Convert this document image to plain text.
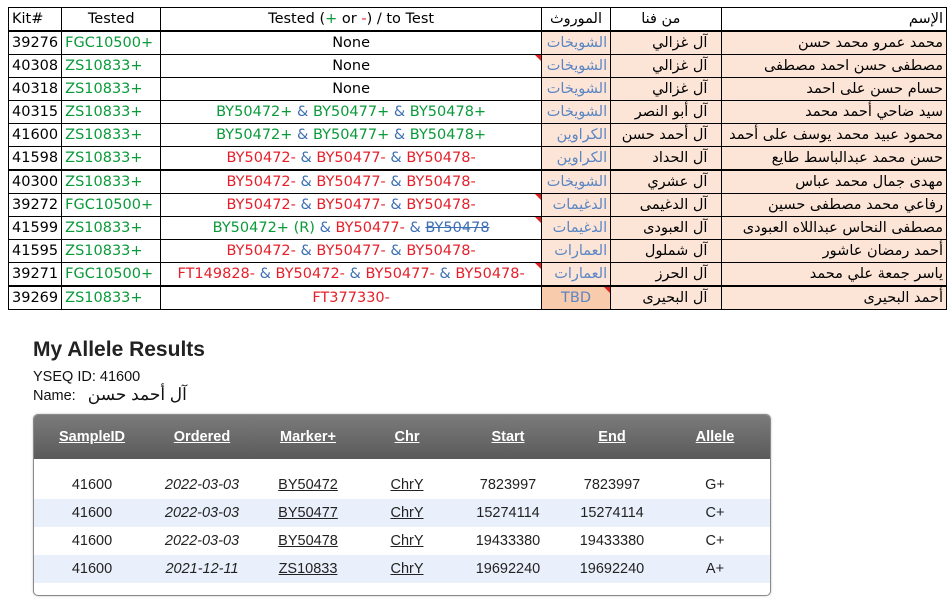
Kit#	Tested	Tested (+ or -) / to Test	الموروث	من فنا	الإسم
39276	FGC10500+	None	الشويخات	آل غزالي	محمد عمرو محمد حسن
40308	ZS10833+	None	الشويخات	آل غزالي	مصطفى حسن احمد مصطفى
40318	ZS10833+	None	الشويخات	آل غزالي	حسام حسن على احمد
40315	ZS10833+	BY50472+ & BY50477+ & BY50478+	الشويخات	آل أبو النصر	سيد ضاحي أحمد محمد
41600	ZS10833+	BY50472+ & BY50477+ & BY50478+	الكراوين	آل أحمد حسن	محمود عبيد محمد يوسف على أحمد
41598	ZS10833+	BY50472- & BY50477- & BY50478-	الكراوين	آل الحداد	حسن محمد عبدالباسط طايع
40300	ZS10833+	BY50472- & BY50477- & BY50478-	الشويخات	آل عشري	مهدى جمال محمد عباس
39272	FGC10500+	BY50472- & BY50477- & BY50478-	الدغيمات	آل الدغيمى	رفاعي محمد مصطفى حسين
41599	ZS10833+	BY50472+ (R) & BY50477- & BY50478	الدغيمات	آل العبودى	مصطفى النحاس عبداللاه العبودى
41595	ZS10833+	BY50472- & BY50477- & BY50478-	العمارات	آل شملول	أحمد رمضان عاشور
39271	FGC10500+	FT149828- & BY50472- & BY50477- & BY50478-	العمارات	آل الحرز	ياسر جمعة علي محمد
39269	ZS10833+	FT377330-	TBD	آل البحيرى	أحمد البحيرى
My Allele Results
YSEQ ID: 41600
Name: آل أحمد حسن
SampleID	Ordered	Marker+	Chr	Start	End	Allele
41600	2022-03-03	BY50472	ChrY	7823997	7823997	G+
41600	2022-03-03	BY50477	ChrY	15274114	15274114	C+
41600	2022-03-03	BY50478	ChrY	19433380	19433380	C+
41600	2021-12-11	ZS10833	ChrY	19692240	19692240	A+
